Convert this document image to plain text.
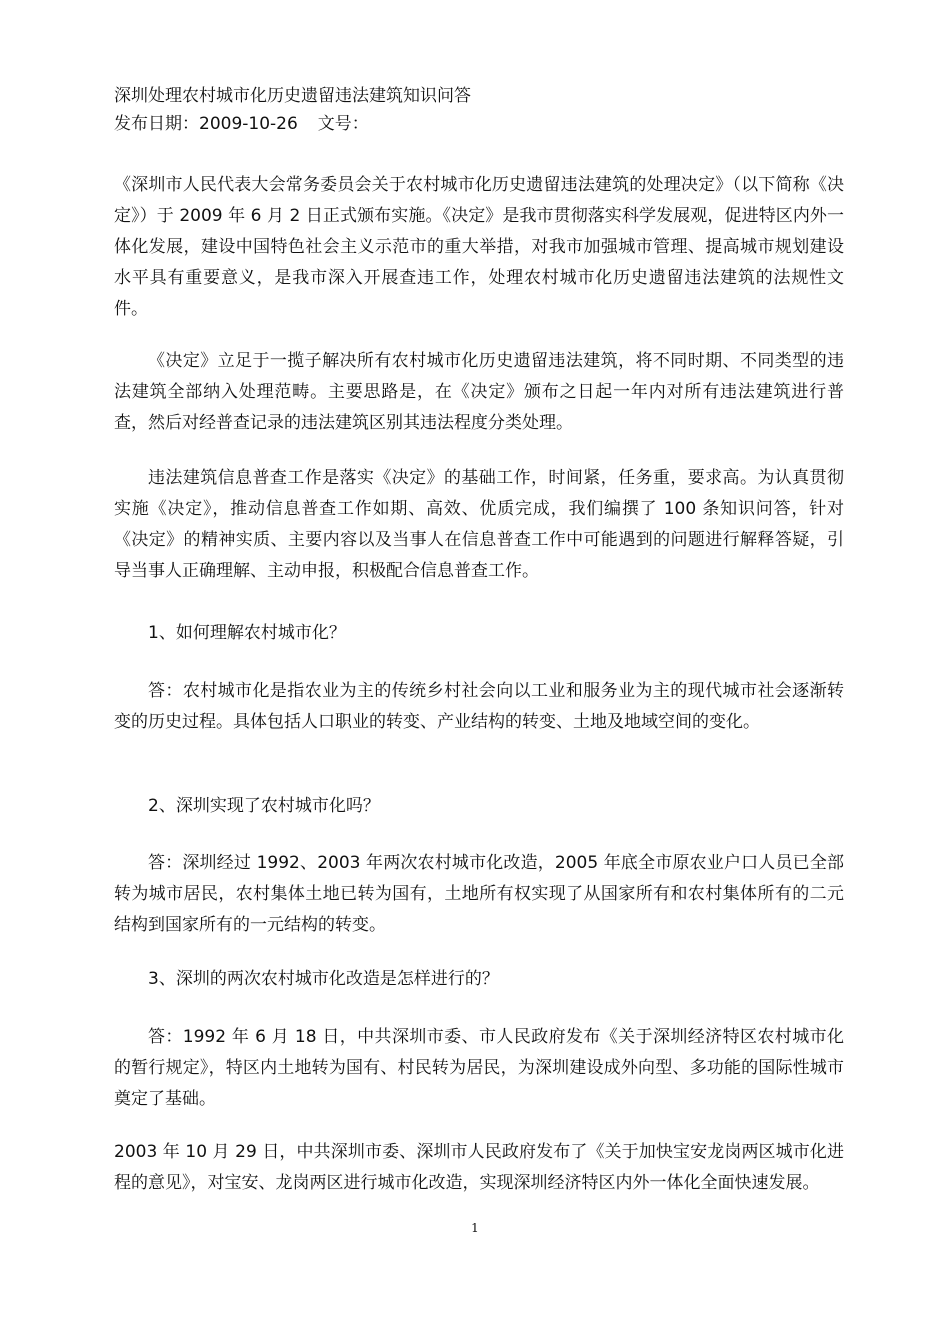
深圳处理农村城市化历史遗留违法建筑知识问答
发布日期：2009-10-26 文号：

《深圳市人民代表大会常务委员会关于农村城市化历史遗留违法建筑的处理决定》（以下简称《决定》）于 2009 年 6 月 2 日正式颁布实施。《决定》是我市贯彻落实科学发展观，促进特区内外一体化发展，建设中国特色社会主义示范市的重大举措，对我市加强城市管理、提高城市规划建设水平具有重要意义，是我市深入开展查违工作，处理农村城市化历史遗留违法建筑的法规性文件。

《决定》立足于一揽子解决所有农村城市化历史遗留违法建筑，将不同时期、不同类型的违法建筑全部纳入处理范畴。主要思路是，在《决定》颁布之日起一年内对所有违法建筑进行普查，然后对经普查记录的违法建筑区别其违法程度分类处理。

违法建筑信息普查工作是落实《决定》的基础工作，时间紧，任务重，要求高。为认真贯彻实施《决定》，推动信息普查工作如期、高效、优质完成，我们编撰了 100 条知识问答，针对《决定》的精神实质、主要内容以及当事人在信息普查工作中可能遇到的问题进行解释答疑，引导当事人正确理解、主动申报，积极配合信息普查工作。

1、如何理解农村城市化？

答：农村城市化是指农业为主的传统乡村社会向以工业和服务业为主的现代城市社会逐渐转变的历史过程。具体包括人口职业的转变、产业结构的转变、土地及地域空间的变化。

2、深圳实现了农村城市化吗？

答：深圳经过 1992、2003 年两次农村城市化改造，2005 年底全市原农业户口人员已全部转为城市居民，农村集体土地已转为国有，土地所有权实现了从国家所有和农村集体所有的二元结构到国家所有的一元结构的转变。

3、深圳的两次农村城市化改造是怎样进行的？

答：1992 年 6 月 18 日，中共深圳市委、市人民政府发布《关于深圳经济特区农村城市化的暂行规定》，特区内土地转为国有、村民转为居民，为深圳建设成外向型、多功能的国际性城市奠定了基础。

2003 年 10 月 29 日，中共深圳市委、深圳市人民政府发布了《关于加快宝安龙岗两区城市化进程的意见》，对宝安、龙岗两区进行城市化改造，实现深圳经济特区内外一体化全面快速发展。

1
